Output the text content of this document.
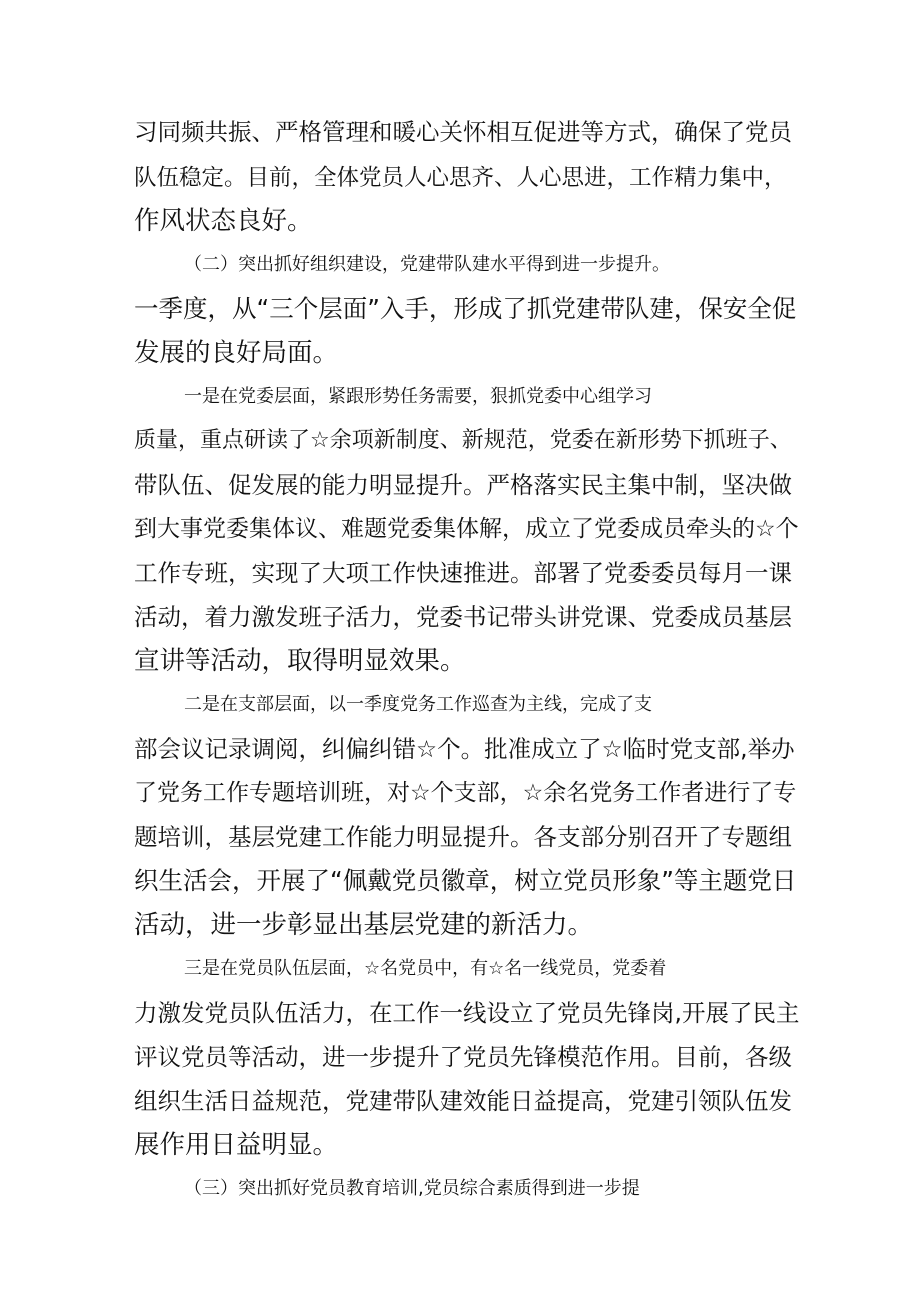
习同频共振、严格管理和暖心关怀相互促进等方式，确保了党员

队伍稳定。目前，全体党员人心思齐、人心思进，工作精力集中，

作风状态良好。

（二）突出抓好组织建设，党建带队建水平得到进一步提升。

一季度，从“三个层面”入手，形成了抓党建带队建，保安全促

发展的良好局面。

一是在党委层面，紧跟形势任务需要，狠抓党委中心组学习

质量，重点研读了☆余项新制度、新规范，党委在新形势下抓班子、

带队伍、促发展的能力明显提升。严格落实民主集中制，坚决做

到大事党委集体议、难题党委集体解，成立了党委成员牵头的☆个

工作专班，实现了大项工作快速推进。部署了党委委员每月一课

活动，着力激发班子活力，党委书记带头讲党课、党委成员基层

宣讲等活动，取得明显效果。

二是在支部层面，以一季度党务工作巡查为主线，完成了支

部会议记录调阅，纠偏纠错☆个。批准成立了☆临时党支部,举办

了党务工作专题培训班，对☆个支部，☆余名党务工作者进行了专

题培训，基层党建工作能力明显提升。各支部分别召开了专题组

织生活会，开展了“佩戴党员徽章，树立党员形象”等主题党日

活动，进一步彰显出基层党建的新活力。

三是在党员队伍层面，☆名党员中，有☆名一线党员，党委着

力激发党员队伍活力，在工作一线设立了党员先锋岗,开展了民主

评议党员等活动，进一步提升了党员先锋模范作用。目前，各级

组织生活日益规范，党建带队建效能日益提高，党建引领队伍发

展作用日益明显。

（三）突出抓好党员教育培训,党员综合素质得到进一步提
